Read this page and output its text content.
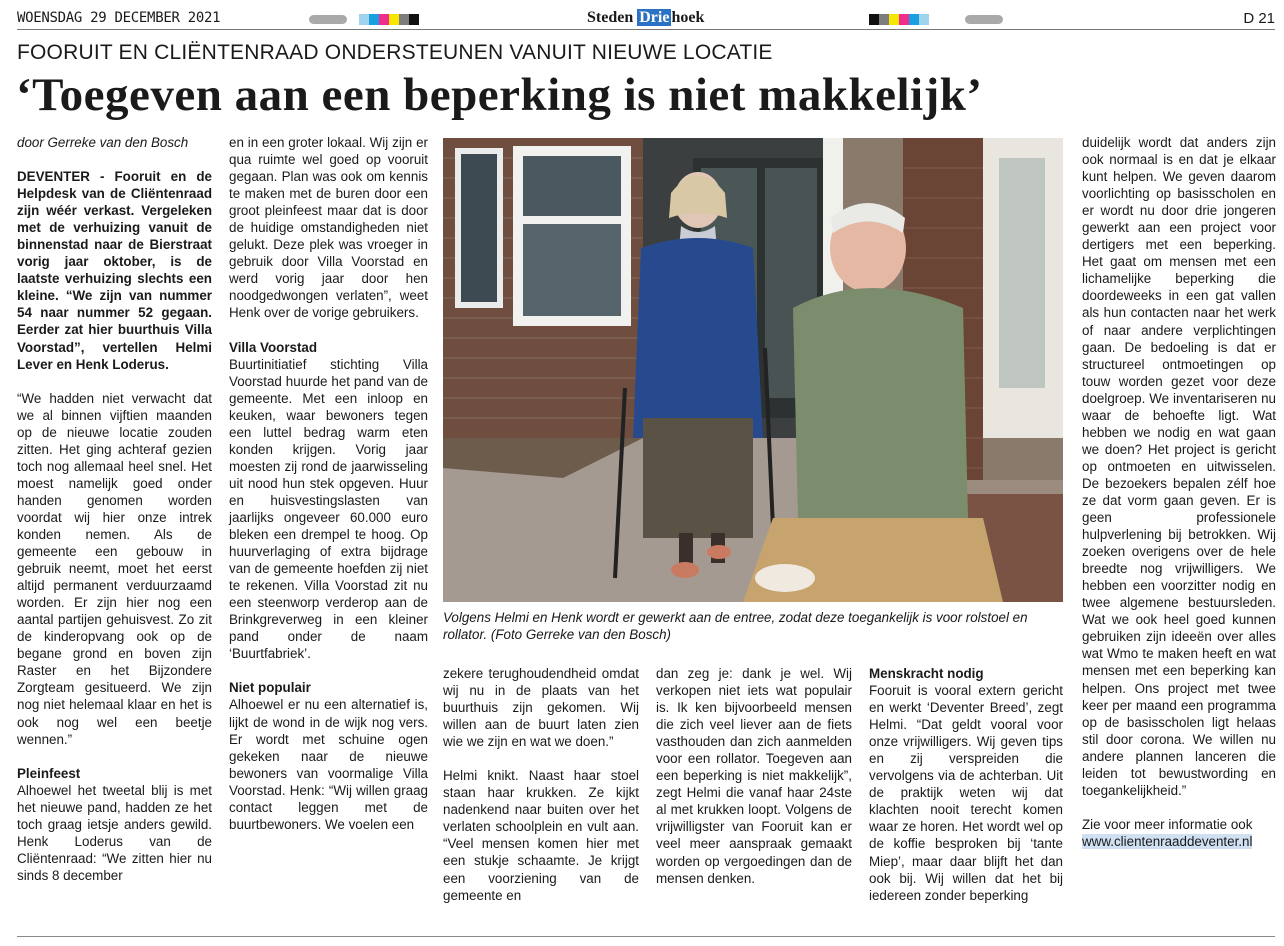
WOENSDAG 29 DECEMBER 2021	Steden Drie hoek	D 21
FOORUIT EN CLIËNTENRAAD ONDERSTEUNEN VANUIT NIEUWE LOCATIE
‘Toegeven aan een beperking is niet makkelijk’

door Gerreke van den Bosch

DEVENTER - Fooruit en de Helpdesk van de Cliëntenraad zijn wéér verkast. Vergeleken met de verhuizing vanuit de binnenstad naar de Bierstraat vorig jaar oktober, is de laatste verhuizing slechts een kleine. “We zijn van nummer 54 naar nummer 52 gegaan. Eerder zat hier buurthuis Villa Voorstad”, vertellen Helmi Lever en Henk Loderus.

“We hadden niet verwacht dat we al binnen vijftien maanden op de nieuwe locatie zouden zitten. Het ging achteraf gezien toch nog allemaal heel snel. Het moest namelijk goed onder handen genomen worden voordat wij hier onze intrek konden nemen. Als de gemeente een gebouw in gebruik neemt, moet het eerst altijd permanent verduurzaamd worden. Er zijn hier nog een aantal partijen gehuisvest. Zo zit de kinderopvang ook op de begane grond en boven zijn Raster en het Bijzondere Zorgteam gesitueerd. We zijn nog niet helemaal klaar en het is ook nog wel een beetje wennen.”

Pleinfeest

Alhoewel het tweetal blij is met het nieuwe pand, hadden ze het toch graag ietsje anders gewild. Henk Loderus van de Cliëntenraad: “We zitten hier nu sinds 8 december

en in een groter lokaal. Wij zijn er qua ruimte wel goed op vooruit gegaan. Plan was ook om kennis te maken met de buren door een groot pleinfeest maar dat is door de huidige omstandigheden niet gelukt. Deze plek was vroeger in gebruik door Villa Voorstad en werd vorig jaar door hen noodgedwongen verlaten”, weet Henk over de vorige gebruikers.

Villa Voorstad

Buurtinitiatief stichting Villa Voorstad huurde het pand van de gemeente. Met een inloop en keuken, waar bewoners tegen een luttel bedrag warm eten konden krijgen. Vorig jaar moesten zij rond de jaarwisseling uit nood hun stek opgeven. Huur en huisvestingslasten van jaarlijks ongeveer 60.000 euro bleken een drempel te hoog. Op huurverlaging of extra bijdrage van de gemeente hoefden zij niet te rekenen. Villa Voorstad zit nu een steenworp verderop aan de Brinkgreverweg in een kleiner pand onder de naam ‘Buurtfabriek’.

Niet populair

Alhoewel er nu een alternatief is, lijkt de wond in de wijk nog vers. Er wordt met schuine ogen gekeken naar de nieuwe bewoners van voormalige Villa Voorstad. Henk: “Wij willen graag contact leggen met de buurtbewoners. We voelen een

Volgens Helmi en Henk wordt er gewerkt aan de entree, zodat deze toegankelijk is voor rolstoel en rollator. (Foto Gerreke van den Bosch)

zekere terughoudendheid omdat wij nu in de plaats van het buurthuis zijn gekomen. Wij willen aan de buurt laten zien wie we zijn en wat we doen.”

Helmi knikt. Naast haar stoel staan haar krukken. Ze kijkt nadenkend naar buiten over het verlaten schoolplein en vult aan. “Veel mensen komen hier met een stukje schaamte. Je krijgt een voorziening van de gemeente en

dan zeg je: dank je wel. Wij verkopen niet iets wat populair is. Ik ken bijvoorbeeld mensen die zich veel liever aan de fiets vasthouden dan zich aanmelden voor een rollator. Toegeven aan een beperking is niet makkelijk”, zegt Helmi die vanaf haar 24ste al met krukken loopt. Volgens de vrijwilligster van Fooruit kan er veel meer aanspraak gemaakt worden op vergoedingen dan de mensen denken.

Menskracht nodig

Fooruit is vooral extern gericht en werkt ‘Deventer Breed’, zegt Helmi. “Dat geldt vooral voor onze vrijwilligers. Wij geven tips en zij verspreiden die vervolgens via de achterban. Uit de praktijk weten wij dat klachten nooit terecht komen waar ze horen. Het wordt wel op de koffie besproken bij ‘tante Miep’, maar daar blijft het dan ook bij. Wij willen dat het bij iedereen zonder beperking

duidelijk wordt dat anders zijn ook normaal is en dat je elkaar kunt helpen. We geven daarom voorlichting op basisscholen en er wordt nu door drie jongeren gewerkt aan een project voor dertigers met een beperking. Het gaat om mensen met een lichamelijke beperking die doordeweeks in een gat vallen als hun contacten naar het werk of naar andere verplichtingen gaan. De bedoeling is dat er structureel ontmoetingen op touw worden gezet voor deze doelgroep. We inventariseren nu waar de behoefte ligt. Wat hebben we nodig en wat gaan we doen? Het project is gericht op ontmoeten en uitwisselen. De bezoekers bepalen zélf hoe ze dat vorm gaan geven. Er is geen professionele hulpverlening bij betrokken. Wij zoeken overigens over de hele breedte nog vrijwilligers. We hebben een voorzitter nodig en twee algemene bestuursleden. Wat we ook heel goed kunnen gebruiken zijn ideeën over alles wat Wmo te maken heeft en wat mensen met een beperking kan helpen. Ons project met twee keer per maand een programma op de basisscholen ligt helaas stil door corona. We willen nu andere plannen lanceren die leiden tot bewustwording en toegankelijkheid.”

Zie voor meer informatie ook

www.clientenraaddeventer.nl
